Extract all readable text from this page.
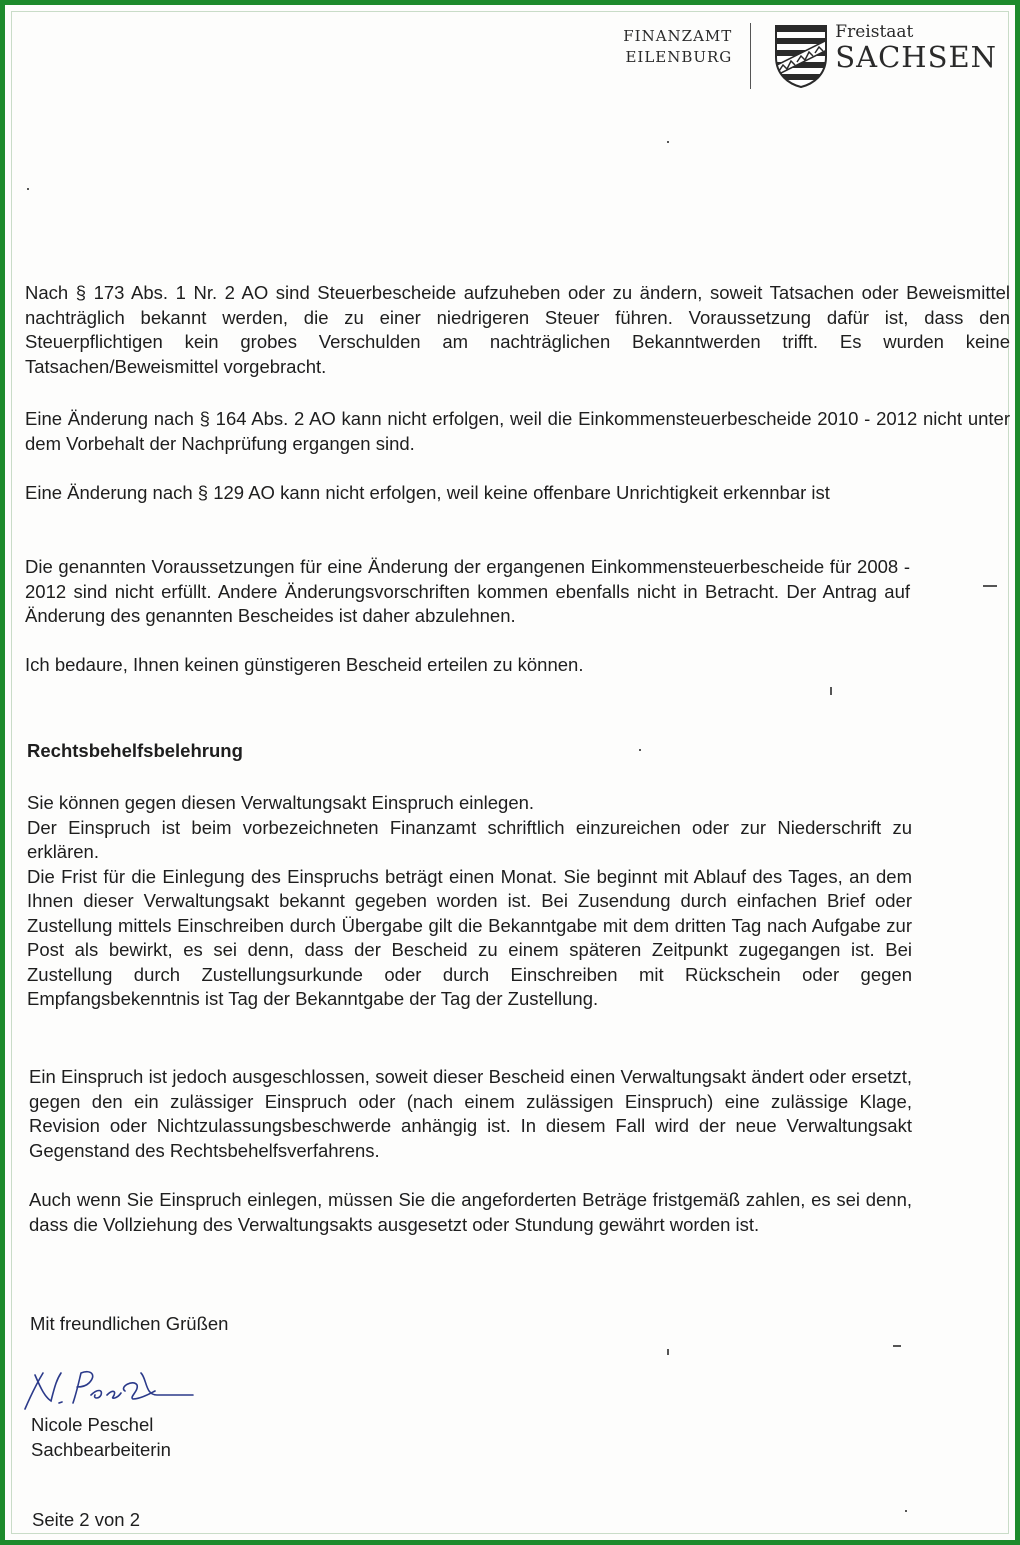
FINANZAMT
EILENBURG
Freistaat
SACHSEN

Nach § 173 Abs. 1 Nr. 2 AO sind Steuerbescheide aufzuheben oder zu ändern, soweit Tatsachen oder Beweismittel nachträglich bekannt werden, die zu einer niedrigeren Steuer führen. Voraussetzung dafür ist, dass den Steuerpflichtigen kein grobes Verschulden am nachträglichen Bekanntwerden trifft. Es wurden keine Tatsachen/Beweismittel vorgebracht.

Eine Änderung nach § 164 Abs. 2 AO kann nicht erfolgen, weil die Einkommensteuerbescheide 2010 - 2012 nicht unter dem Vorbehalt der Nachprüfung ergangen sind.

Eine Änderung nach § 129 AO kann nicht erfolgen, weil keine offenbare Unrichtigkeit erkennbar ist

Die genannten Voraussetzungen für eine Änderung der ergangenen Einkommensteuerbescheide für 2008 - 2012 sind nicht erfüllt. Andere Änderungsvorschriften kommen ebenfalls nicht in Betracht. Der Antrag auf Änderung des genannten Bescheides ist daher abzulehnen.

Ich bedaure, Ihnen keinen günstigeren Bescheid erteilen zu können.

Rechtsbehelfsbelehrung

Sie können gegen diesen Verwaltungsakt Einspruch einlegen.

Der Einspruch ist beim vorbezeichneten Finanzamt schriftlich einzureichen oder zur Niederschrift zu erklären.

Die Frist für die Einlegung des Einspruchs beträgt einen Monat. Sie beginnt mit Ablauf des Tages, an dem Ihnen dieser Verwaltungsakt bekannt gegeben worden ist. Bei Zusendung durch einfachen Brief oder Zustellung mittels Einschreiben durch Übergabe gilt die Bekanntgabe mit dem dritten Tag nach Aufgabe zur Post als bewirkt, es sei denn, dass der Bescheid zu einem späteren Zeitpunkt zugegangen ist. Bei Zustellung durch Zustellungsurkunde oder durch Einschreiben mit Rückschein oder gegen Empfangsbekenntnis ist Tag der Bekanntgabe der Tag der Zustellung.

Ein Einspruch ist jedoch ausgeschlossen, soweit dieser Bescheid einen Verwaltungsakt ändert oder ersetzt, gegen den ein zulässiger Einspruch oder (nach einem zulässigen Einspruch) eine zulässige Klage, Revision oder Nichtzulassungsbeschwerde anhängig ist. In diesem Fall wird der neue Verwaltungsakt Gegenstand des Rechtsbehelfsverfahrens.

Auch wenn Sie Einspruch einlegen, müssen Sie die angeforderten Beträge fristgemäß zahlen, es sei denn, dass die Vollziehung des Verwaltungsakts ausgesetzt oder Stundung gewährt worden ist.

Mit freundlichen Grüßen
Nicole Peschel
Sachbearbeiterin
Seite 2 von 2
